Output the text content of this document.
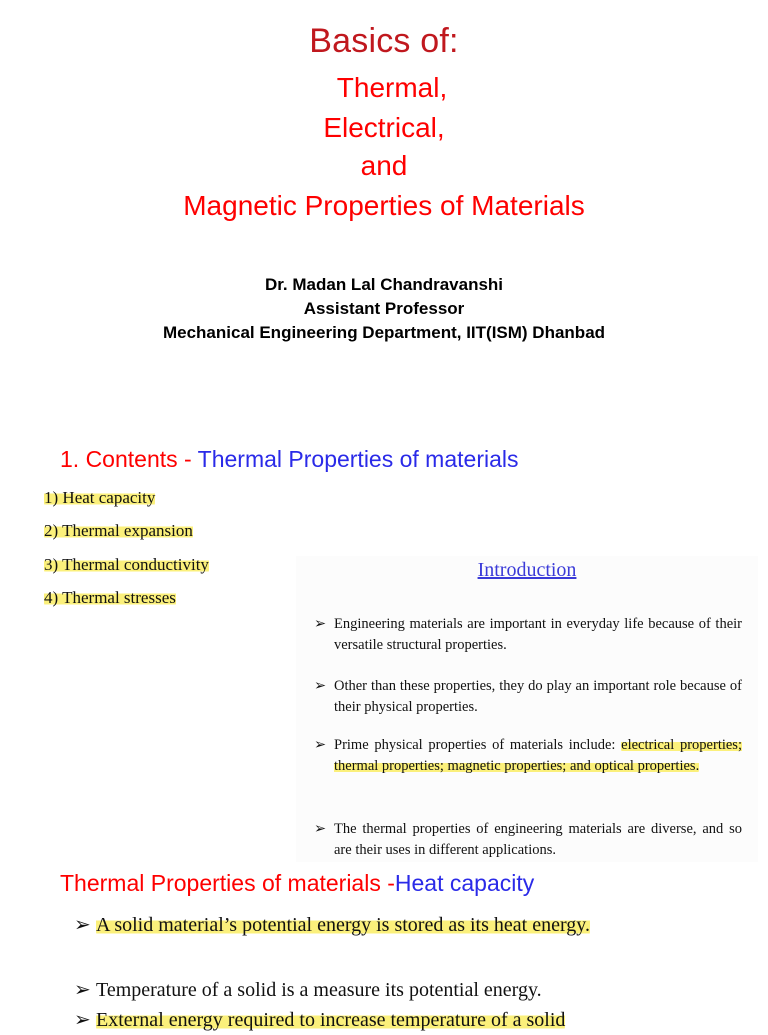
Basics of:
Thermal,
Electrical,
and
Magnetic Properties of Materials
Dr. Madan Lal Chandravanshi
Assistant Professor
Mechanical Engineering Department, IIT(ISM) Dhanbad
1. Contents - Thermal Properties of materials
1) Heat capacity
2) Thermal expansion
3) Thermal conductivity
4) Thermal stresses
Introduction
➢ Engineering materials are important in everyday life because of their versatile structural properties.
➢ Other than these properties, they do play an important role because of their physical properties.
➢ Prime physical properties of materials include: electrical properties; thermal properties; magnetic properties; and optical properties.
➢ The thermal properties of engineering materials are diverse, and so are their uses in different applications.
Thermal Properties of materials -Heat capacity
➢ A solid material’s potential energy is stored as its heat energy.
➢ Temperature of a solid is a measure its potential energy.
➢ External energy required to increase temperature of a solid
